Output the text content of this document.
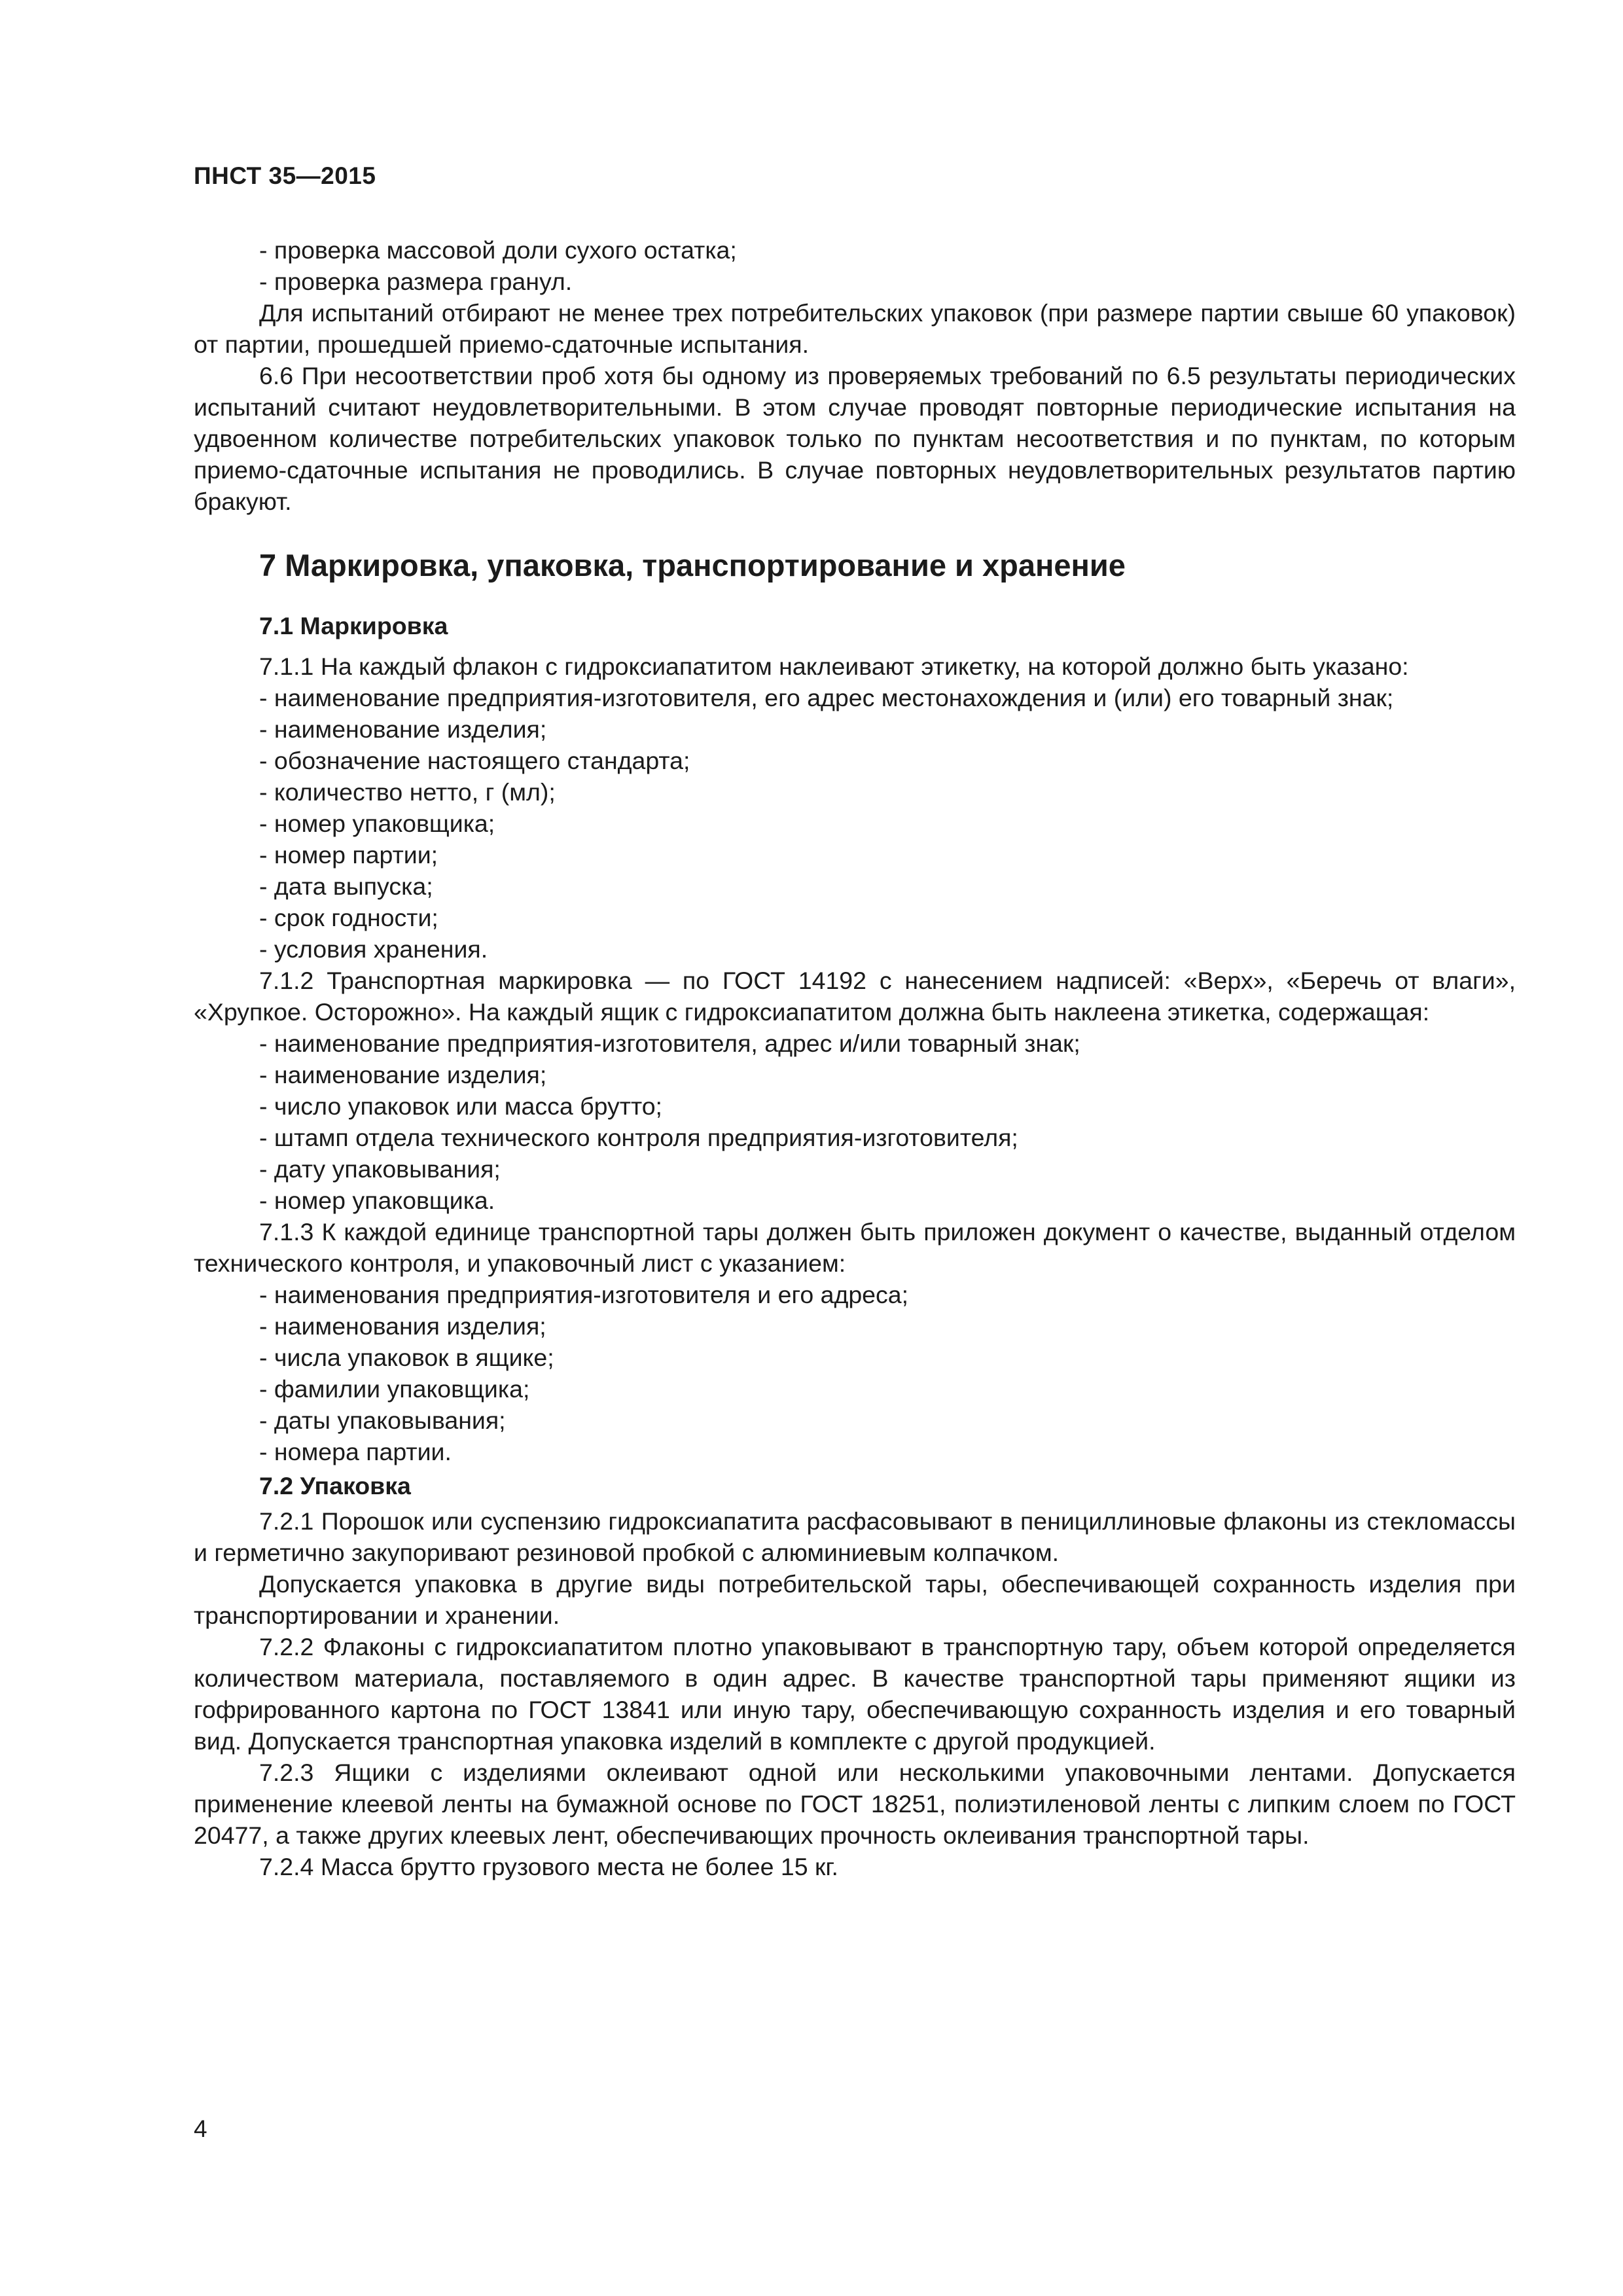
ПНСТ 35—2015
- проверка массовой доли сухого остатка;
- проверка размера гранул.
Для испытаний отбирают не менее трех потребительских упаковок (при размере партии свыше 60 упаковок) от партии, прошедшей приемо-сдаточные испытания.
6.6 При несоответствии проб хотя бы одному из проверяемых требований по 6.5 результаты периодических испытаний считают неудовлетворительными. В этом случае проводят повторные периодические испытания на удвоенном количестве потребительских упаковок только по пунктам несоответствия и по пунктам, по которым приемо-сдаточные испытания не проводились. В случае повторных неудовлетворительных результатов партию бракуют.
7 Маркировка, упаковка, транспортирование и хранение
7.1 Маркировка
7.1.1 На каждый флакон с гидроксиапатитом наклеивают этикетку, на которой должно быть указано:
- наименование предприятия-изготовителя, его адрес местонахождения и (или) его товарный знак;
- наименование изделия;
- обозначение настоящего стандарта;
- количество нетто, г (мл);
- номер упаковщика;
- номер партии;
- дата выпуска;
- срок годности;
- условия хранения.
7.1.2 Транспортная маркировка — по ГОСТ 14192 с нанесением надписей: «Верх», «Беречь от влаги», «Хрупкое. Осторожно». На каждый ящик с гидроксиапатитом должна быть наклеена этикетка, содержащая:
- наименование предприятия-изготовителя, адрес и/или товарный знак;
- наименование изделия;
- число упаковок или масса брутто;
- штамп отдела технического контроля предприятия-изготовителя;
- дату упаковывания;
- номер упаковщика.
7.1.3 К каждой единице транспортной тары должен быть приложен документ о качестве, выданный отделом технического контроля, и упаковочный лист с указанием:
- наименования предприятия-изготовителя и его адреса;
- наименования изделия;
- числа упаковок в ящике;
- фамилии упаковщика;
- даты упаковывания;
- номера партии.
7.2 Упаковка
7.2.1 Порошок или суспензию гидроксиапатита расфасовывают в пенициллиновые флаконы из стекломассы и герметично закупоривают резиновой пробкой с алюминиевым колпачком.
Допускается упаковка в другие виды потребительской тары, обеспечивающей сохранность изделия при транспортировании и хранении.
7.2.2 Флаконы с гидроксиапатитом плотно упаковывают в транспортную тару, объем которой определяется количеством материала, поставляемого в один адрес. В качестве транспортной тары применяют ящики из гофрированного картона по ГОСТ 13841 или иную тару, обеспечивающую сохранность изделия и его товарный вид. Допускается транспортная упаковка изделий в комплекте с другой продукцией.
7.2.3 Ящики с изделиями оклеивают одной или несколькими упаковочными лентами. Допускается применение клеевой ленты на бумажной основе по ГОСТ 18251, полиэтиленовой ленты с липким слоем по ГОСТ 20477, а также других клеевых лент, обеспечивающих прочность оклеивания транспортной тары.
7.2.4 Масса брутто грузового места не более 15 кг.
4
